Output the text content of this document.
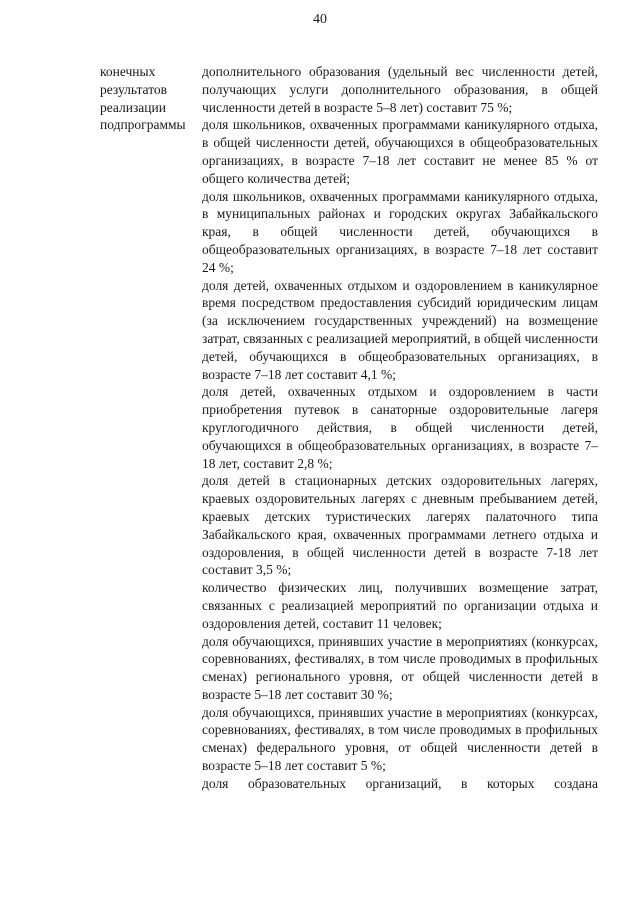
40
конечных
результатов
реализации
подпрограммы

дополнительного образования (удельный вес численности детей, получающих услуги дополнительного образования, в общей численности детей в возрасте 5–8 лет) составит 75 %;

доля школьников, охваченных программами каникулярного отдыха, в общей численности детей, обучающихся в общеобразовательных организациях, в возрасте 7–18 лет составит не менее 85 % от общего количества детей;

доля школьников, охваченных программами каникулярного отдыха, в муниципальных районах и городских округах Забайкальского края, в общей численности детей, обучающихся в общеобразовательных организациях, в возрасте 7–18 лет составит 24 %;

доля детей, охваченных отдыхом и оздоровлением в каникулярное время посредством предоставления субсидий юридическим лицам (за исключением государственных учреждений) на возмещение затрат, связанных с реализацией мероприятий, в общей численности детей, обучающихся в общеобразовательных организациях, в возрасте 7–18 лет составит 4,1 %;

доля детей, охваченных отдыхом и оздоровлением в части приобретения путевок в санаторные оздоровительные лагеря круглогодичного действия, в общей численности детей, обучающихся в общеобразовательных организациях, в возрасте 7–18 лет, составит 2,8 %;

доля детей в стационарных детских оздоровительных лагерях, краевых оздоровительных лагерях с дневным пребыванием детей, краевых детских туристических лагерях палаточного типа Забайкальского края, охваченных программами летнего отдыха и оздоровления, в общей численности детей в возрасте 7-18 лет составит 3,5 %;

количество физических лиц, получивших возмещение затрат, связанных с реализацией мероприятий по организации отдыха и оздоровления детей, составит 11 человек;

доля обучающихся, принявших участие в мероприятиях (конкурсах, соревнованиях, фестивалях, в том числе проводимых в профильных сменах) регионального уровня, от общей численности детей в возрасте 5–18 лет составит 30 %;

доля обучающихся, принявших участие в мероприятиях (конкурсах, соревнованиях, фестивалях, в том числе проводимых в профильных сменах) федерального уровня, от общей численности детей в возрасте 5–18 лет составит 5 %;

доля образовательных организаций, в которых создана
